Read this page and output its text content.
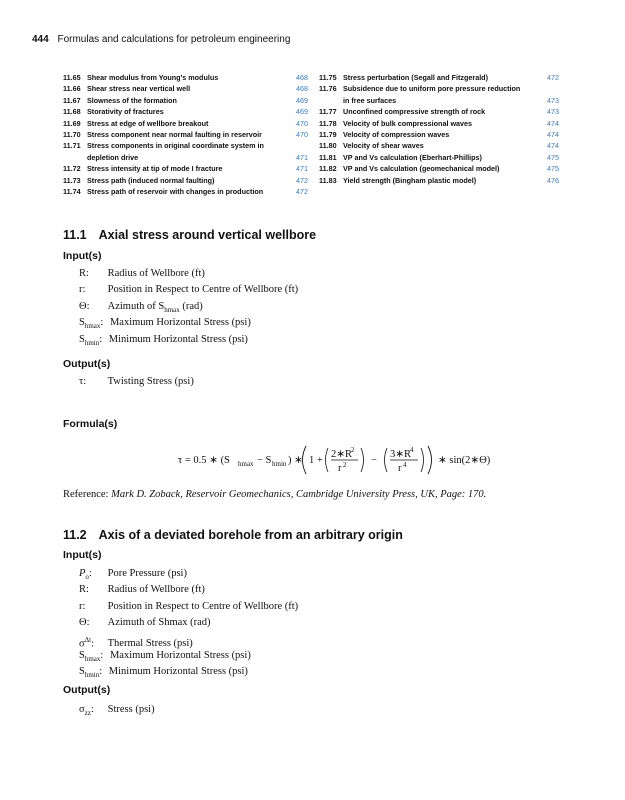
444 Formulas and calculations for petroleum engineering
11.65 Shear modulus from Young's modulus	468
11.66 Shear stress near vertical well	468
11.67 Slowness of the formation	469
11.68 Storativity of fractures	469
11.69 Stress at edge of wellbore breakout	470
11.70 Stress component near normal faulting in reservoir	470
11.71 Stress components in original coordinate system in
depletion drive	471
11.72 Stress intensity at tip of mode I fracture	471
11.73 Stress path (induced normal faulting)	472
11.74 Stress path of reservoir with changes in production	472
11.75 Stress perturbation (Segall and Fitzgerald)	472
11.76 Subsidence due to uniform pore pressure reduction
in free surfaces	473
11.77 Unconfined compressive strength of rock	473
11.78 Velocity of bulk compressional waves	474
11.79 Velocity of compression waves	474
11.80 Velocity of shear waves	474
11.81 VP and Vs calculation (Eberhart-Phillips)	475
11.82 VP and Vs calculation (geomechanical model)	475
11.83 Yield strength (Bingham plastic model)	476
11.1 Axial stress around vertical wellbore
Input(s)
R: Radius of Wellbore (ft)
r: Position in Respect to Centre of Wellbore (ft)
Θ: Azimuth of $S_{hmax}$ (rad)
$S_{hmax}$: Maximum Horizontal Stress (psi)
$S_{hmin}$: Minimum Horizontal Stress (psi)
Output(s)
τ: Twisting Stress (psi)
Formula(s)
τ = 0.5 ∗ (S hmax − S hmin ) ∗ 1 +
2∗R
2
r 2 −
3∗R
4
r 4	∗ sin(2∗Θ)
Reference: Mark D. Zoback, Reservoir Geomechanics, Cambridge University Press, UK, Page: 170.
11.2 Axis of a deviated borehole from an arbitrary origin
Input(s)
$P_o$: Pore Pressure (psi)
R: Radius of Wellbore (ft)
r: Position in Respect to Centre of Wellbore (ft)
Θ: Azimuth of Shmax (rad)
$\sigma^{\Delta t}$: Thermal Stress (psi)
$S_{hmax}$: Maximum Horizontal Stress (psi)
$S_{hmin}$: Minimum Horizontal Stress (psi)
Output(s)
$\sigma_{zz}$: Stress (psi)
